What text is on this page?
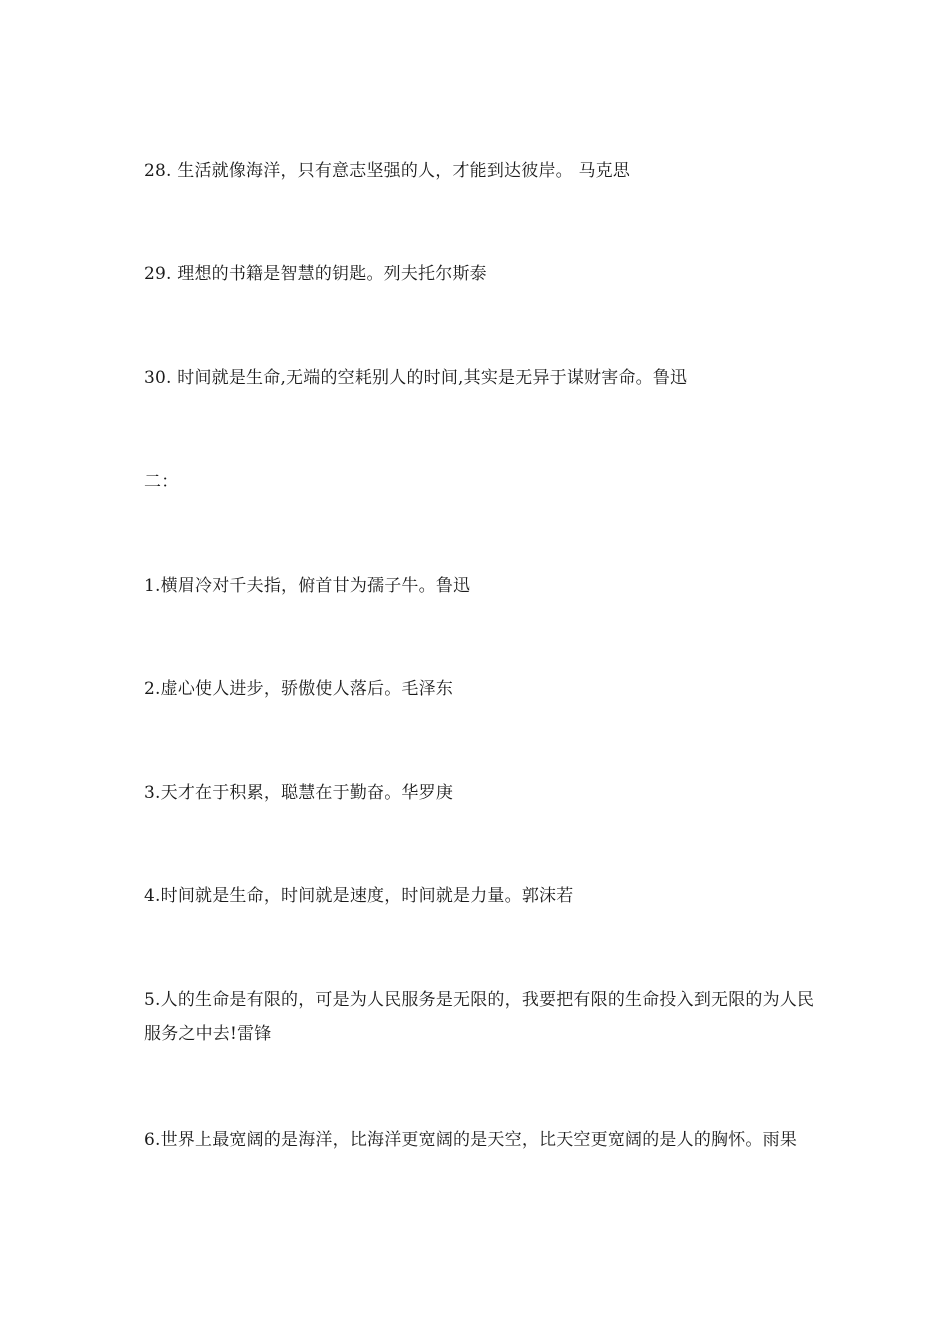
28. 生活就像海洋，只有意志坚强的人，才能到达彼岸。 马克思
29. 理想的书籍是智慧的钥匙。列夫托尔斯泰
30. 时间就是生命,无端的空耗别人的时间,其实是无异于谋财害命。鲁迅
二：
1.横眉冷对千夫指，俯首甘为孺子牛。鲁迅
2.虚心使人进步，骄傲使人落后。毛泽东
3.天才在于积累，聪慧在于勤奋。华罗庚
4.时间就是生命，时间就是速度，时间就是力量。郭沫若
5.人的生命是有限的，可是为人民服务是无限的，我要把有限的生命投入到无限的为人民服务之中去!雷锋
6.世界上最宽阔的是海洋，比海洋更宽阔的是天空，比天空更宽阔的是人的胸怀。雨果
